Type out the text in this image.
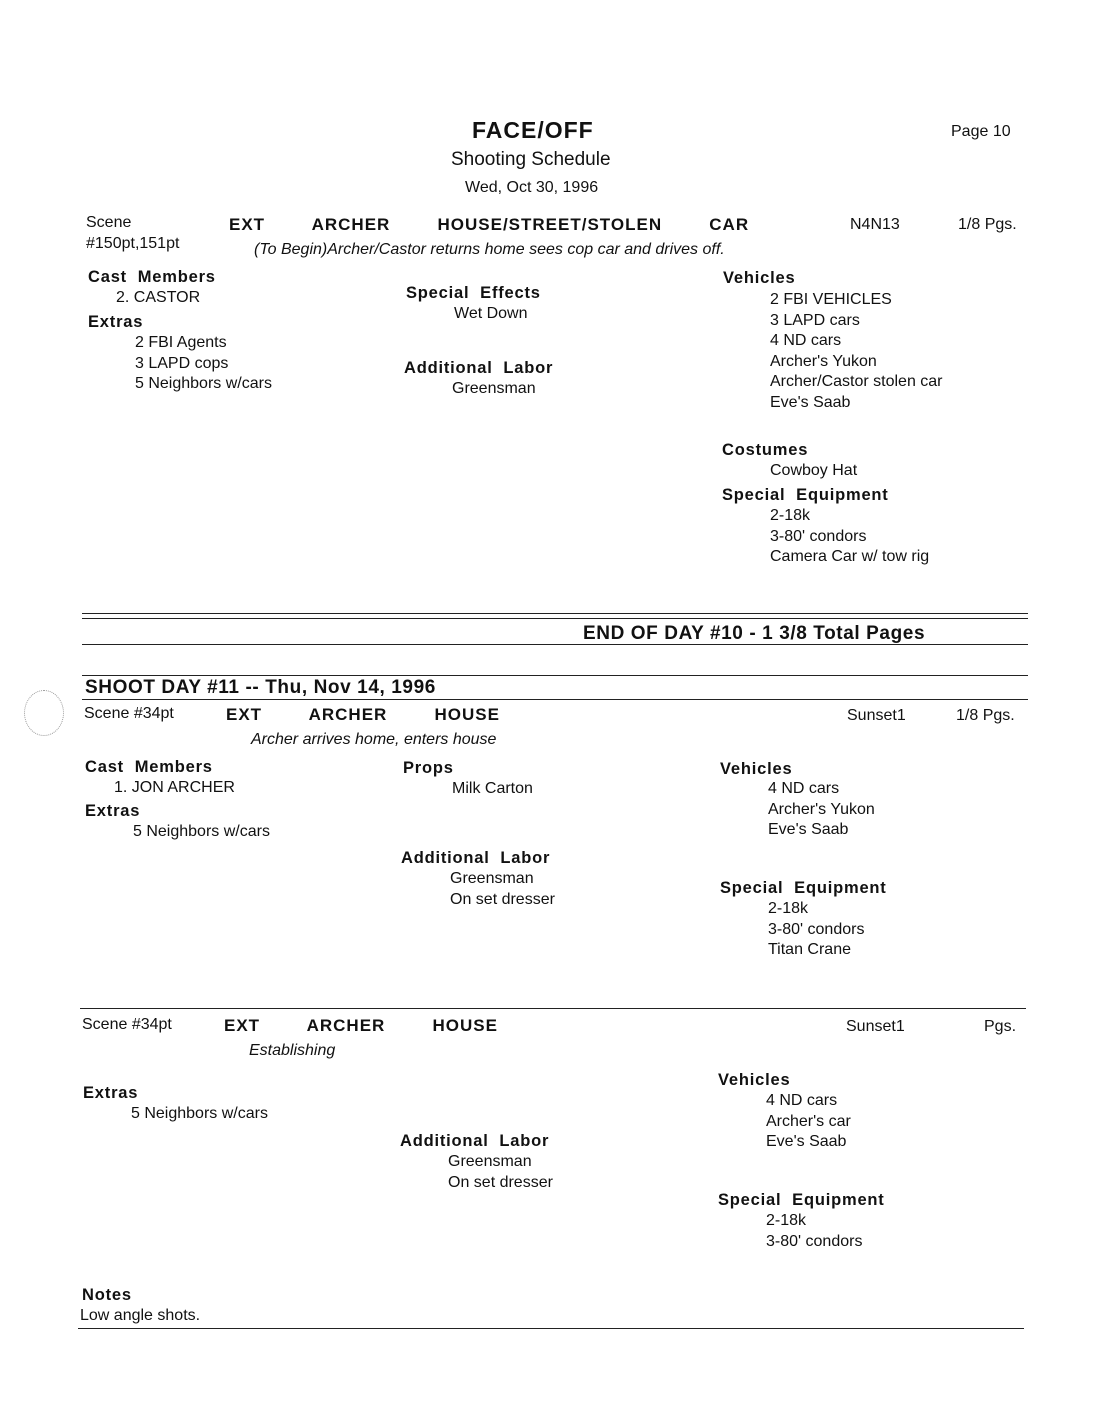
FACE/OFF
Shooting Schedule
Wed, Oct 30, 1996
Page 10
Scene
#150pt,151pt
EXT   ARCHER   HOUSE/STREET/STOLEN   CAR	N4N13	1/8 Pgs.
(To Begin)Archer/Castor returns home sees cop car and drives off.
Cast  Members
2. CASTOR
Extras
2 FBI Agents
3 LAPD cops
5 Neighbors w/cars
Special  Effects
Wet Down
Additional  Labor
Greensman
Vehicles
2 FBI VEHICLES
3 LAPD cars
4 ND cars
Archer's Yukon
Archer/Castor stolen car
Eve's Saab
Costumes
Cowboy Hat
Special  Equipment
2-18k
3-80' condors
Camera Car w/ tow rig
END OF DAY #10 - 1 3/8 Total Pages
SHOOT DAY #11 -- Thu, Nov 14, 1996
Scene #34pt	EXT   ARCHER   HOUSE	Sunset1	1/8 Pgs.
Archer arrives home, enters house
Cast  Members
1. JON ARCHER
Extras
5 Neighbors w/cars
Props
Milk Carton
Additional  Labor
Greensman
On set dresser
Vehicles
4 ND cars
Archer's Yukon
Eve's Saab
Special  Equipment
2-18k
3-80' condors
Titan Crane
Scene #34pt	EXT   ARCHER   HOUSE	Sunset1	Pgs.
Establishing
Extras
5 Neighbors w/cars
Additional  Labor
Greensman
On set dresser
Vehicles
4 ND cars
Archer's car
Eve's Saab
Special  Equipment
2-18k
3-80' condors
Notes
Low angle shots.
